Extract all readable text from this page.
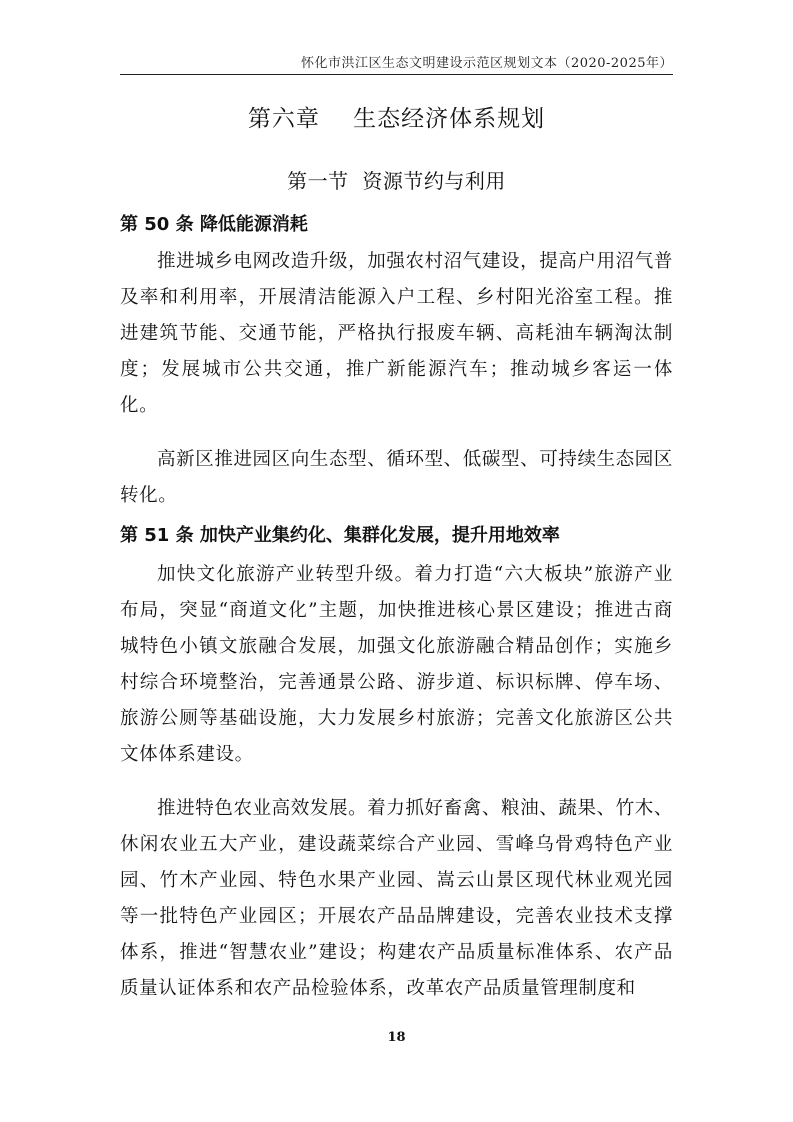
怀化市洪江区生态文明建设示范区规划文本（2020-2025年）
第六章    生态经济体系规划
第一节  资源节约与利用
第 50 条 降低能源消耗

推进城乡电网改造升级，加强农村沼气建设，提高户用沼气普及率和利用率，开展清洁能源入户工程、乡村阳光浴室工程。推进建筑节能、交通节能，严格执行报废车辆、高耗油车辆淘汰制度；发展城市公共交通，推广新能源汽车；推动城乡客运一体化。

高新区推进园区向生态型、循环型、低碳型、可持续生态园区转化。

第 51 条 加快产业集约化、集群化发展，提升用地效率

加快文化旅游产业转型升级。着力打造“六大板块”旅游产业布局，突显“商道文化”主题，加快推进核心景区建设；推进古商城特色小镇文旅融合发展，加强文化旅游融合精品创作；实施乡村综合环境整治，完善通景公路、游步道、标识标牌、停车场、旅游公厕等基础设施，大力发展乡村旅游；完善文化旅游区公共文体体系建设。

推进特色农业高效发展。着力抓好畜禽、粮油、蔬果、竹木、休闲农业五大产业，建设蔬菜综合产业园、雪峰乌骨鸡特色产业园、竹木产业园、特色水果产业园、嵩云山景区现代林业观光园等一批特色产业园区；开展农产品品牌建设，完善农业技术支撑体系，推进“智慧农业”建设；构建农产品质量标准体系、农产品质量认证体系和农产品检验体系，改革农产品质量管理制度和

18
